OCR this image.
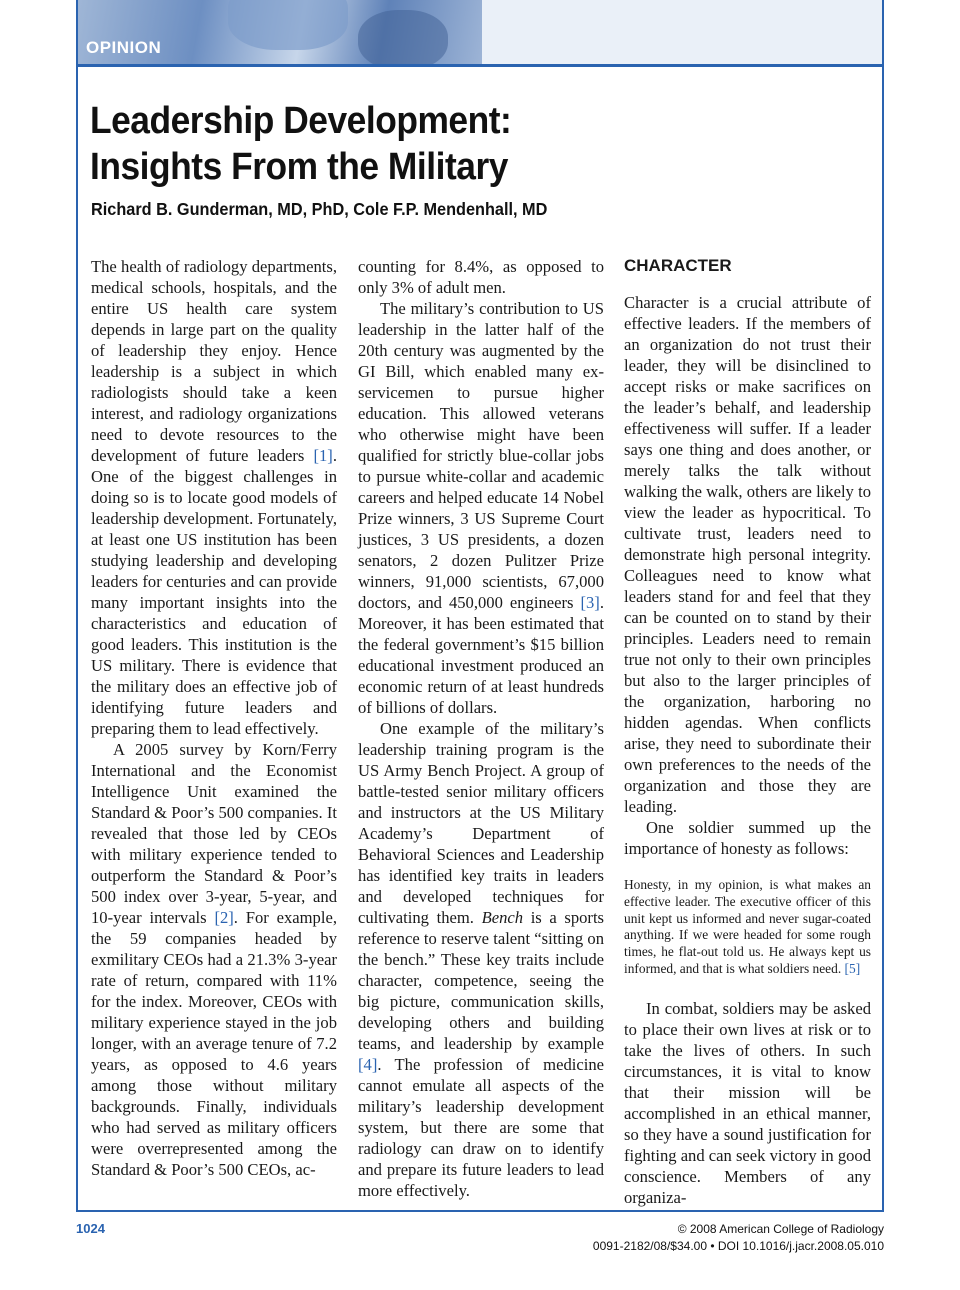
OPINION
Leadership Development:
Insights From the Military
Richard B. Gunderman, MD, PhD, Cole F.P. Mendenhall, MD

The health of radiology departments, medical schools, hospitals, and the entire US health care system depends in large part on the quality of leadership they enjoy. Hence leadership is a subject in which radiologists should take a keen interest, and radiology organizations need to devote resources to the development of future leaders [1]. One of the biggest challenges in doing so is to locate good models of leadership development. Fortunately, at least one US institution has been studying leadership and developing leaders for centuries and can provide many important insights into the characteristics and education of good leaders. This institution is the US military. There is evidence that the military does an effective job of identifying future leaders and preparing them to lead effectively.

A 2005 survey by Korn/Ferry International and the Economist Intelligence Unit examined the Standard & Poor’s 500 companies. It revealed that those led by CEOs with military experience tended to outperform the Standard & Poor’s 500 index over 3-year, 5-year, and 10-year intervals [2]. For example, the 59 companies headed by exmilitary CEOs had a 21.3% 3-year rate of return, compared with 11% for the index. Moreover, CEOs with military experience stayed in the job longer, with an average tenure of 7.2 years, as opposed to 4.6 years among those without military backgrounds. Finally, individuals who had served as military officers were overrepresented among the Standard & Poor’s 500 CEOs, ac-

counting for 8.4%, as opposed to only 3% of adult men.

The military’s contribution to US leadership in the latter half of the 20th century was augmented by the GI Bill, which enabled many ex-servicemen to pursue higher education. This allowed veterans who otherwise might have been qualified for strictly blue-collar jobs to pursue white-collar and academic careers and helped educate 14 Nobel Prize winners, 3 US Supreme Court justices, 3 US presidents, a dozen senators, 2 dozen Pulitzer Prize winners, 91,000 scientists, 67,000 doctors, and 450,000 engineers [3]. Moreover, it has been estimated that the federal government’s $15 billion educational investment produced an economic return of at least hundreds of billions of dollars.

One example of the military’s leadership training program is the US Army Bench Project. A group of battle-tested senior military officers and instructors at the US Military Academy’s Department of Behavioral Sciences and Leadership has identified key traits in leaders and developed techniques for cultivating them. Bench is a sports reference to reserve talent “sitting on the bench.” These key traits include character, competence, seeing the big picture, communication skills, developing others and building teams, and leadership by example [4]. The profession of medicine cannot emulate all aspects of the military’s leadership development system, but there are some that radiology can draw on to identify and prepare its future leaders to lead more effectively.

CHARACTER

Character is a crucial attribute of effective leaders. If the members of an organization do not trust their leader, they will be disinclined to accept risks or make sacrifices on the leader’s behalf, and leadership effectiveness will suffer. If a leader says one thing and does another, or merely talks the talk without walking the walk, others are likely to view the leader as hypocritical. To cultivate trust, leaders need to demonstrate high personal integrity. Colleagues need to know what leaders stand for and feel that they can be counted on to stand by their principles. Leaders need to remain true not only to their own principles but also to the larger principles of the organization, harboring no hidden agendas. When conflicts arise, they need to subordinate their own preferences to the needs of the organization and those they are leading.

One soldier summed up the importance of honesty as follows:

Honesty, in my opinion, is what makes an effective leader. The executive officer of this unit kept us informed and never sugar-coated anything. If we were headed for some rough times, he flat-out told us. He always kept us informed, and that is what soldiers need. [5]

In combat, soldiers may be asked to place their own lives at risk or to take the lives of others. In such circumstances, it is vital to know that their mission will be accomplished in an ethical manner, so they have a sound justification for fighting and can seek victory in good conscience. Members of any organiza-

1024	© 2008 American College of Radiology
0091-2182/08/$34.00 • DOI 10.1016/j.jacr.2008.05.010
